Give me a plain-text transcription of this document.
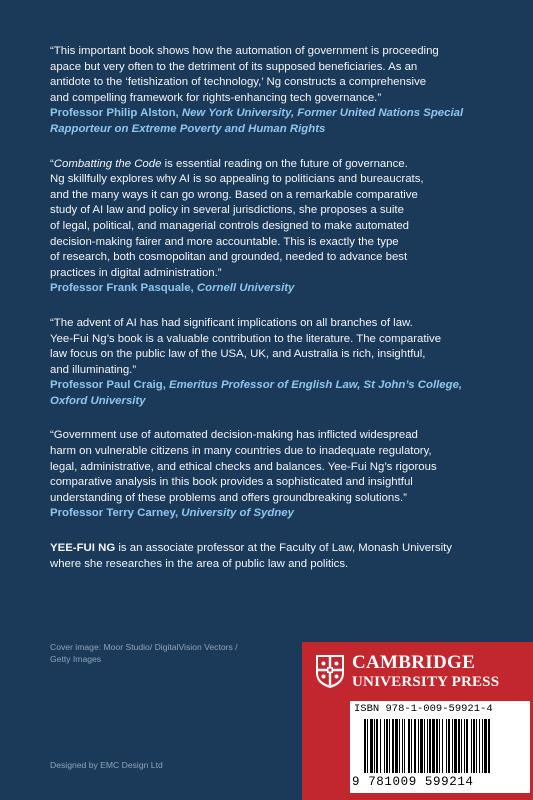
“This important book shows how the automation of government is proceeding
apace but very often to the detriment of its supposed beneficiaries. As an
antidote to the ‘fetishization of technology,’ Ng constructs a comprehensive
and compelling framework for rights-enhancing tech governance.”
Professor Philip Alston, New York University, Former United Nations Special
Rapporteur on Extreme Poverty and Human Rights
“Combatting the Code is essential reading on the future of governance.
Ng skillfully explores why AI is so appealing to politicians and bureaucrats,
and the many ways it can go wrong. Based on a remarkable comparative
study of AI law and policy in several jurisdictions, she proposes a suite
of legal, political, and managerial controls designed to make automated
decision-making fairer and more accountable. This is exactly the type
of research, both cosmopolitan and grounded, needed to advance best
practices in digital administration.”
Professor Frank Pasquale, Cornell University
“The advent of AI has had significant implications on all branches of law.
Yee-Fui Ng’s book is a valuable contribution to the literature. The comparative
law focus on the public law of the USA, UK, and Australia is rich, insightful,
and illuminating.”
Professor Paul Craig, Emeritus Professor of English Law, St John’s College,
Oxford University
“Government use of automated decision-making has inflicted widespread
harm on vulnerable citizens in many countries due to inadequate regulatory,
legal, administrative, and ethical checks and balances. Yee-Fui Ng’s rigorous
comparative analysis in this book provides a sophisticated and insightful
understanding of these problems and offers groundbreaking solutions.”
Professor Terry Carney, University of Sydney
YEE-FUI NG is an associate professor at the Faculty of Law, Monash University
where she researches in the area of public law and politics.
Cover image: Moor Studio/ DigitalVision Vectors /
Getty Images
Designed by EMC Design Ltd
CAMBRIDGE
UNIVERSITY PRESS
ISBN 978-1-009-59921-4
9 781009 599214
